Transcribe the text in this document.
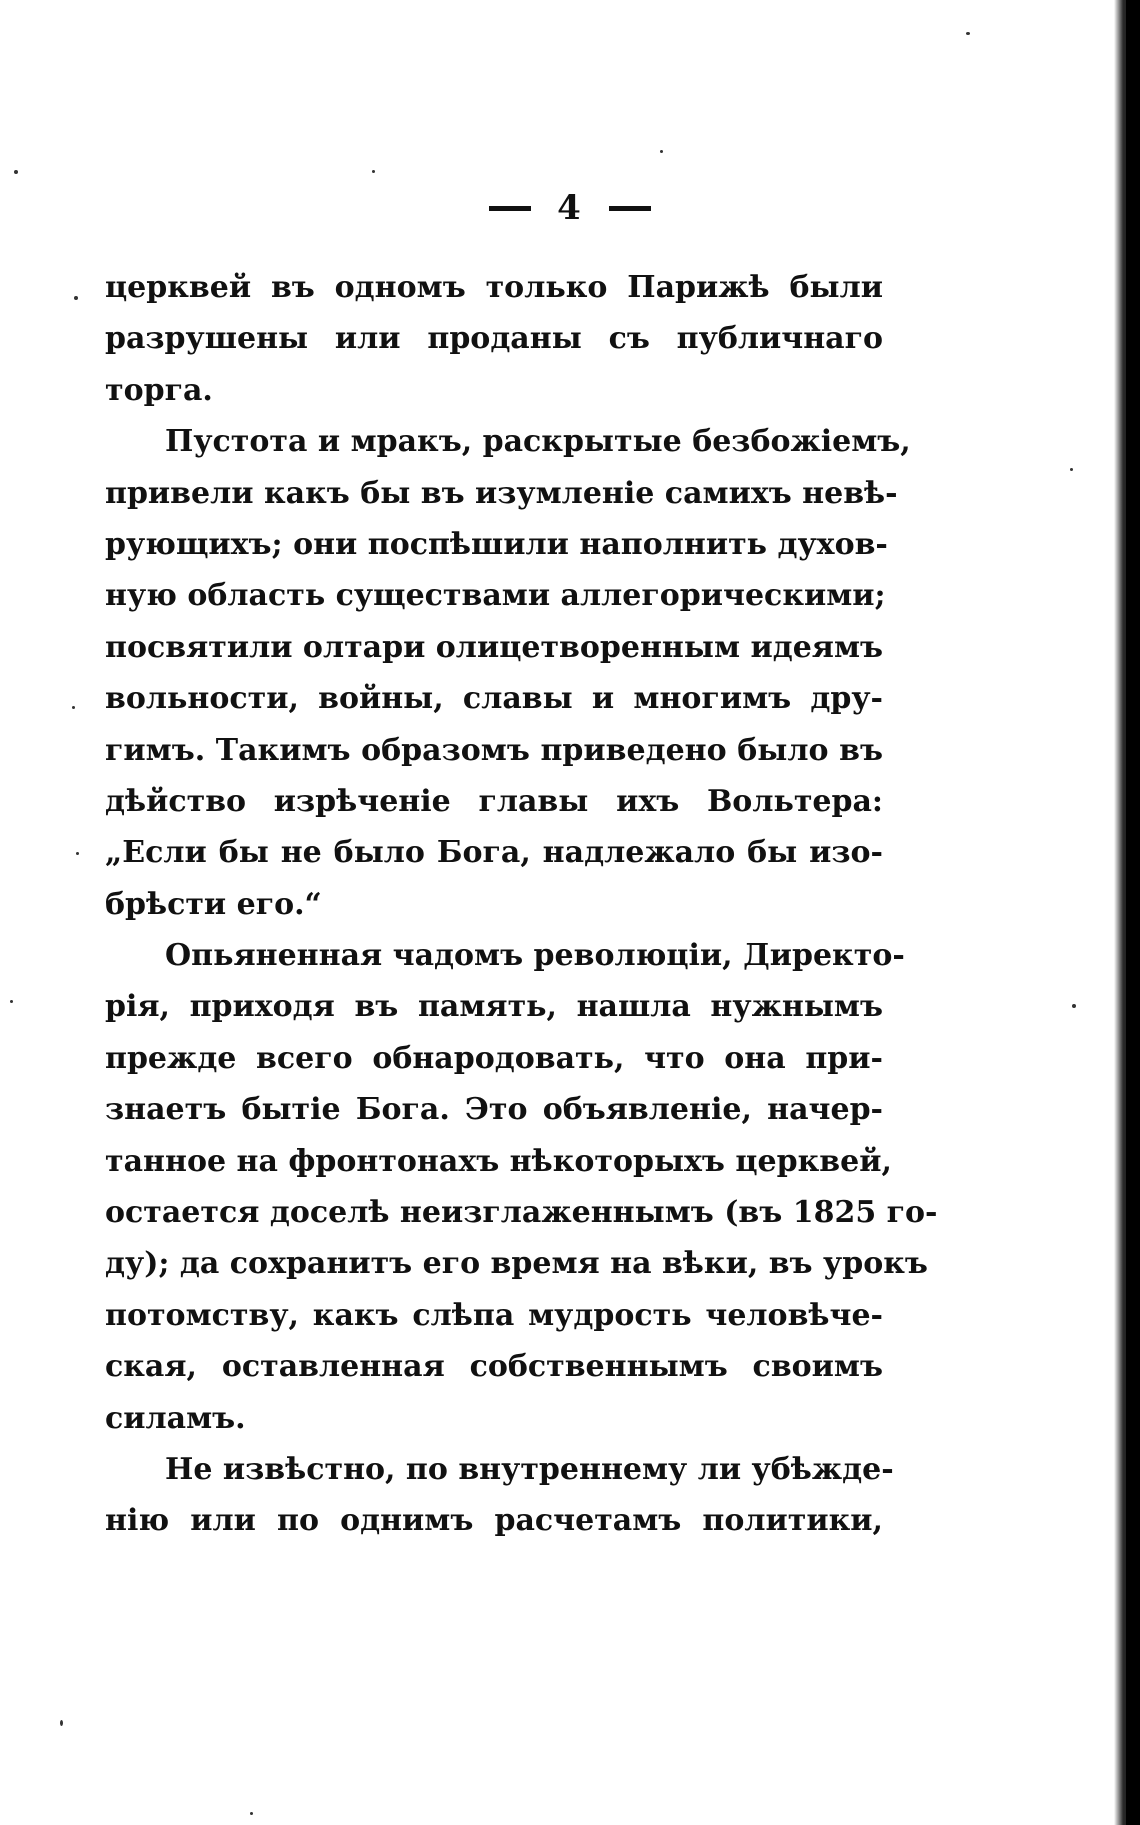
4
церквей въ одномъ только Парижѣ были
разрушены или проданы съ публичнаго
торга.
Пустота и мракъ, раскрытые безбожіемъ,
привели какъ бы въ изумленіе самихъ невѣ-
рующихъ; они поспѣшили наполнить духов-
ную область существами аллегорическими;
посвятили олтари олицетворенным идеямъ
вольности, войны, славы и многимъ дру-
гимъ. Такимъ образомъ приведено было въ
дѣйство изрѣченіе главы ихъ Вольтера:
„Если бы не было Бога, надлежало бы изо-
брѣсти его.“
Опьяненная чадомъ революціи, Директо-
рія, приходя въ память, нашла нужнымъ
прежде всего обнародовать, что она при-
знаетъ бытіе Бога. Это объявленіе, начер-
танное на фронтонахъ нѣкоторыхъ церквей,
остается доселѣ неизглаженнымъ (въ 1825 го-
ду); да сохранитъ его время на вѣки, въ урокъ
потомству, какъ слѣпа мудрость человѣче-
ская, оставленная собственнымъ своимъ
силамъ.
Не извѣстно, по внутреннему ли убѣжде-
нію или по однимъ расчетамъ политики,
